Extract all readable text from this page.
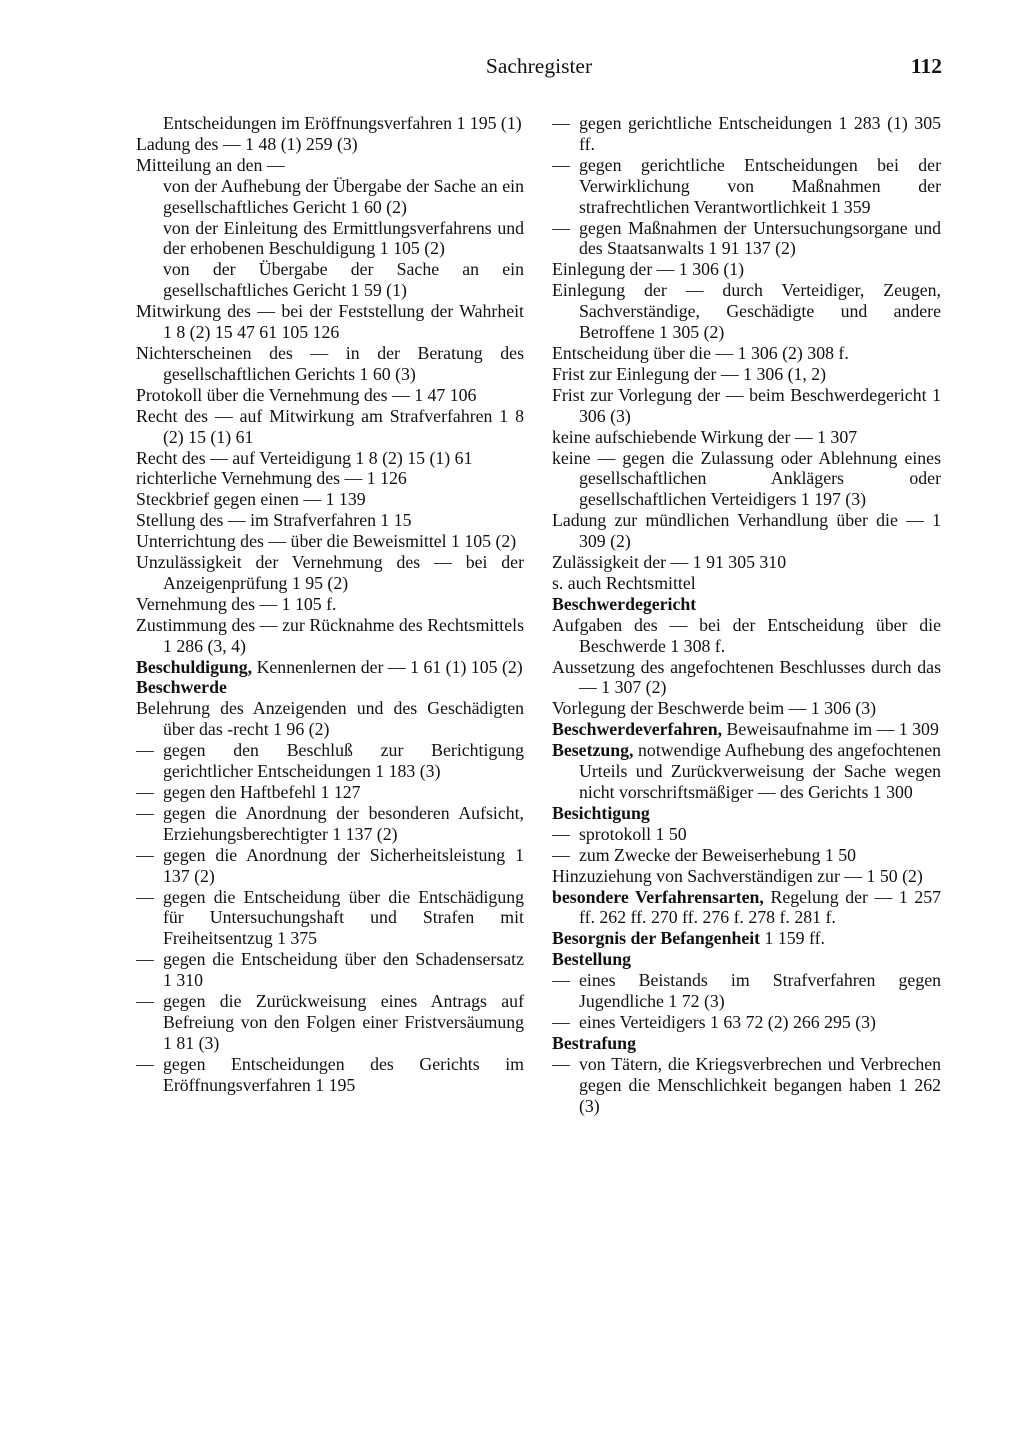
Sachregister	112
Entscheidungen im Eröffnungsverfahren 1 195 (1)
Ladung des — 1 48 (1) 259 (3)
Mitteilung an den —
von der Aufhebung der Übergabe der Sache an ein gesellschaftliches Gericht 1 60 (2)
von der Einleitung des Ermittlungsverfahrens und der erhobenen Beschuldigung 1 105 (2)
von der Übergabe der Sache an ein gesellschaftliches Gericht 1 59 (1)
Mitwirkung des — bei der Feststellung der Wahrheit 1 8 (2) 15 47 61 105 126
Nichterscheinen des — in der Beratung des gesellschaftlichen Gerichts 1 60 (3)
Protokoll über die Vernehmung des — 1 47 106
Recht des — auf Mitwirkung am Strafverfahren 1 8 (2) 15 (1) 61
Recht des — auf Verteidigung 1 8 (2) 15 (1) 61
richterliche Vernehmung des — 1 126
Steckbrief gegen einen — 1 139
Stellung des — im Strafverfahren 1 15
Unterrichtung des — über die Beweismittel 1 105 (2)
Unzulässigkeit der Vernehmung des — bei der Anzeigenprüfung 1 95 (2)
Vernehmung des — 1 105 f.
Zustimmung des — zur Rücknahme des Rechtsmittels 1 286 (3, 4)
Beschuldigung, Kennenlernen der — 1 61 (1) 105 (2)
Beschwerde
Belehrung des Anzeigenden und des Geschädigten über das -recht 1 96 (2)
— gegen den Beschluß zur Berichtigung gerichtlicher Entscheidungen 1 183 (3)
— gegen den Haftbefehl 1 127
— gegen die Anordnung der besonderen Aufsicht, Erziehungsberechtigter 1 137 (2)
— gegen die Anordnung der Sicherheitsleistung 1 137 (2)
— gegen die Entscheidung über die Entschädigung für Untersuchungshaft und Strafen mit Freiheitsentzug 1 375
— gegen die Entscheidung über den Schadensersatz 1 310
— gegen die Zurückweisung eines Antrags auf Befreiung von den Folgen einer Fristversäumung 1 81 (3)
— gegen Entscheidungen des Gerichts im Eröffnungsverfahren 1 195
— gegen gerichtliche Entscheidungen 1 283 (1) 305 ff.
— gegen gerichtliche Entscheidungen bei der Verwirklichung von Maßnahmen der strafrechtlichen Verantwortlichkeit 1 359
— gegen Maßnahmen der Untersuchungsorgane und des Staatsanwalts 1 91 137 (2)
Einlegung der — 1 306 (1)
Einlegung der — durch Verteidiger, Zeugen, Sachverständige, Geschädigte und andere Betroffene 1 305 (2)
Entscheidung über die — 1 306 (2) 308 f.
Frist zur Einlegung der — 1 306 (1, 2)
Frist zur Vorlegung der — beim Beschwerdegericht 1 306 (3)
keine aufschiebende Wirkung der — 1 307
keine — gegen die Zulassung oder Ablehnung eines gesellschaftlichen Anklägers oder gesellschaftlichen Verteidigers 1 197 (3)
Ladung zur mündlichen Verhandlung über die — 1 309 (2)
Zulässigkeit der — 1 91 305 310
s. auch Rechtsmittel
Beschwerdegericht
Aufgaben des — bei der Entscheidung über die Beschwerde 1 308 f.
Aussetzung des angefochtenen Beschlusses durch das — 1 307 (2)
Vorlegung der Beschwerde beim — 1 306 (3)
Beschwerdeverfahren, Beweisaufnahme im — 1 309
Besetzung, notwendige Aufhebung des angefochtenen Urteils und Zurückverweisung der Sache wegen nicht vorschriftsmäßiger — des Gerichts 1 300
Besichtigung
— sprotokoll 1 50
— zum Zwecke der Beweiserhebung 1 50
Hinzuziehung von Sachverständigen zur — 1 50 (2)
besondere Verfahrensarten, Regelung der — 1 257 ff. 262 ff. 270 ff. 276 f. 278 f. 281 f.
Besorgnis der Befangenheit 1 159 ff.
Bestellung
— eines Beistands im Strafverfahren gegen Jugendliche 1 72 (3)
— eines Verteidigers 1 63 72 (2) 266 295 (3)
Bestrafung
— von Tätern, die Kriegsverbrechen und Verbrechen gegen die Menschlichkeit begangen haben 1 262 (3)
